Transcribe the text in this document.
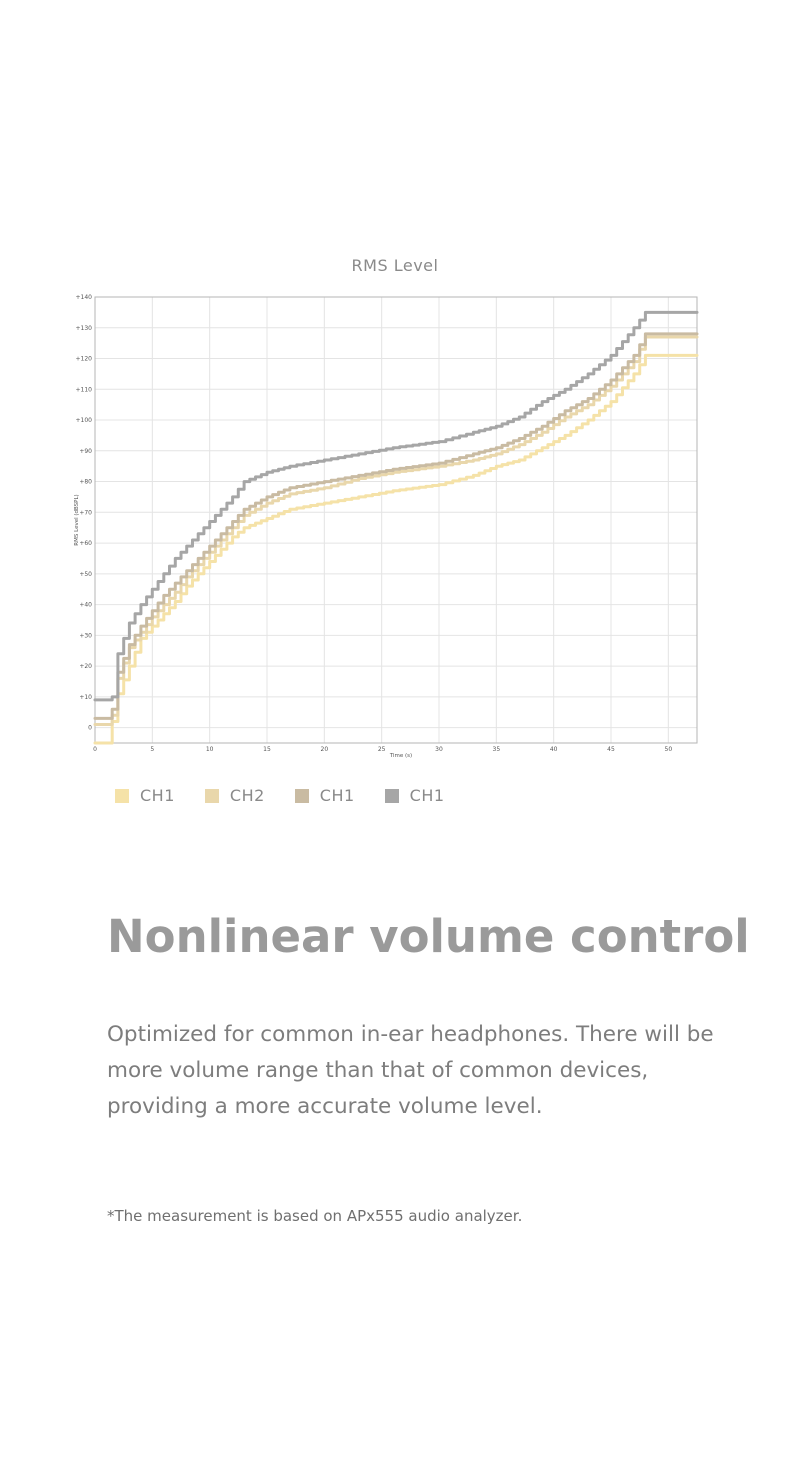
RMS Level
0
+10
+20
+30
+40
+50
+60
+70
+80
+90
+100
+110
+120
+130
+140
0	5	10	15	20	25	30	35	40	45	50
Time (s)
RMS Level (dBSPL)
CH1	CH2	CH1	CH1
Nonlinear volume control

Optimized for common in-ear headphones. There will be more volume range than that of common devices, providing a more accurate volume level.

*The measurement is based on APx555 audio analyzer.
